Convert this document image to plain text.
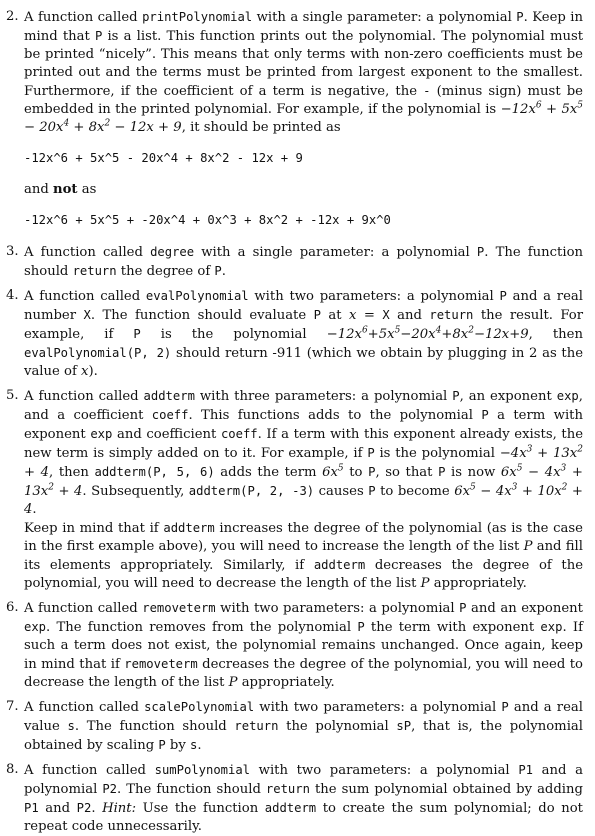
2. A function called printPolynomial with a single parameter: a polynomial P. Keep in mind that P is a list. This function prints out the polynomial. The polynomial must be printed “nicely”. This means that only terms with non-zero coefficients must be printed out and the terms must be printed from largest exponent to the smallest. Furthermore, if the coefficient of a term is negative, the - (minus sign) must be embedded in the printed polynomial. For example, if the polynomial is $-12x^6 + 5x^5 - 20x^4 + 8x^2 - 12x + 9$, it should be printed as

-12x^6 + 5x^5 - 20x^4 + 8x^2 - 12x + 9
and not as
-12x^6 + 5x^5 + -20x^4 + 0x^3 + 8x^2 + -12x + 9x^0
3. A function called degree with a single parameter: a polynomial P. The function should return the degree of P.

4. A function called evalPolynomial with two parameters: a polynomial P and a real number X. The function should evaluate P at x = X and return the result. For example, if P is the polynomial $-12x^6+5x^5-20x^4+8x^2-12x+9$, then evalPolynomial(P, 2) should return -911 (which we obtain by plugging in 2 as the value of x).

5. A function called addterm with three parameters: a polynomial P, an exponent exp, and a coefficient coeff. This functions adds to the polynomial P a term with exponent exp and coefficient coeff. If a term with this exponent already exists, the new term is simply added on to it. For example, if P is the polynomial $-4x^3 + 13x^2 + 4$, then addterm(P, 5, 6) adds the term $6x^5$ to P, so that P is now $6x^5 - 4x^3 + 13x^2 + 4$. Subsequently, addterm(P, 2, -3) causes P to become $6x^5 - 4x^3 + 10x^2 + 4$.

Keep in mind that if addterm increases the degree of the polynomial (as is the case in the first example above), you will need to increase the length of the list P and fill its elements appropriately. Similarly, if addterm decreases the degree of the polynomial, you will need to decrease the length of the list P appropriately.

6. A function called removeterm with two parameters: a polynomial P and an exponent exp. The function removes from the polynomial P the term with exponent exp. If such a term does not exist, the polynomial remains unchanged. Once again, keep in mind that if removeterm decreases the degree of the polynomial, you will need to decrease the length of the list P appropriately.

7. A function called scalePolynomial with two parameters: a polynomial P and a real value s. The function should return the polynomial sP, that is, the polynomial obtained by scaling P by s.

8. A function called sumPolynomial with two parameters: a polynomial P1 and a polynomial P2. The function should return the sum polynomial obtained by adding P1 and P2. Hint: Use the function addterm to create the sum polynomial; do not repeat code unnecessarily.
